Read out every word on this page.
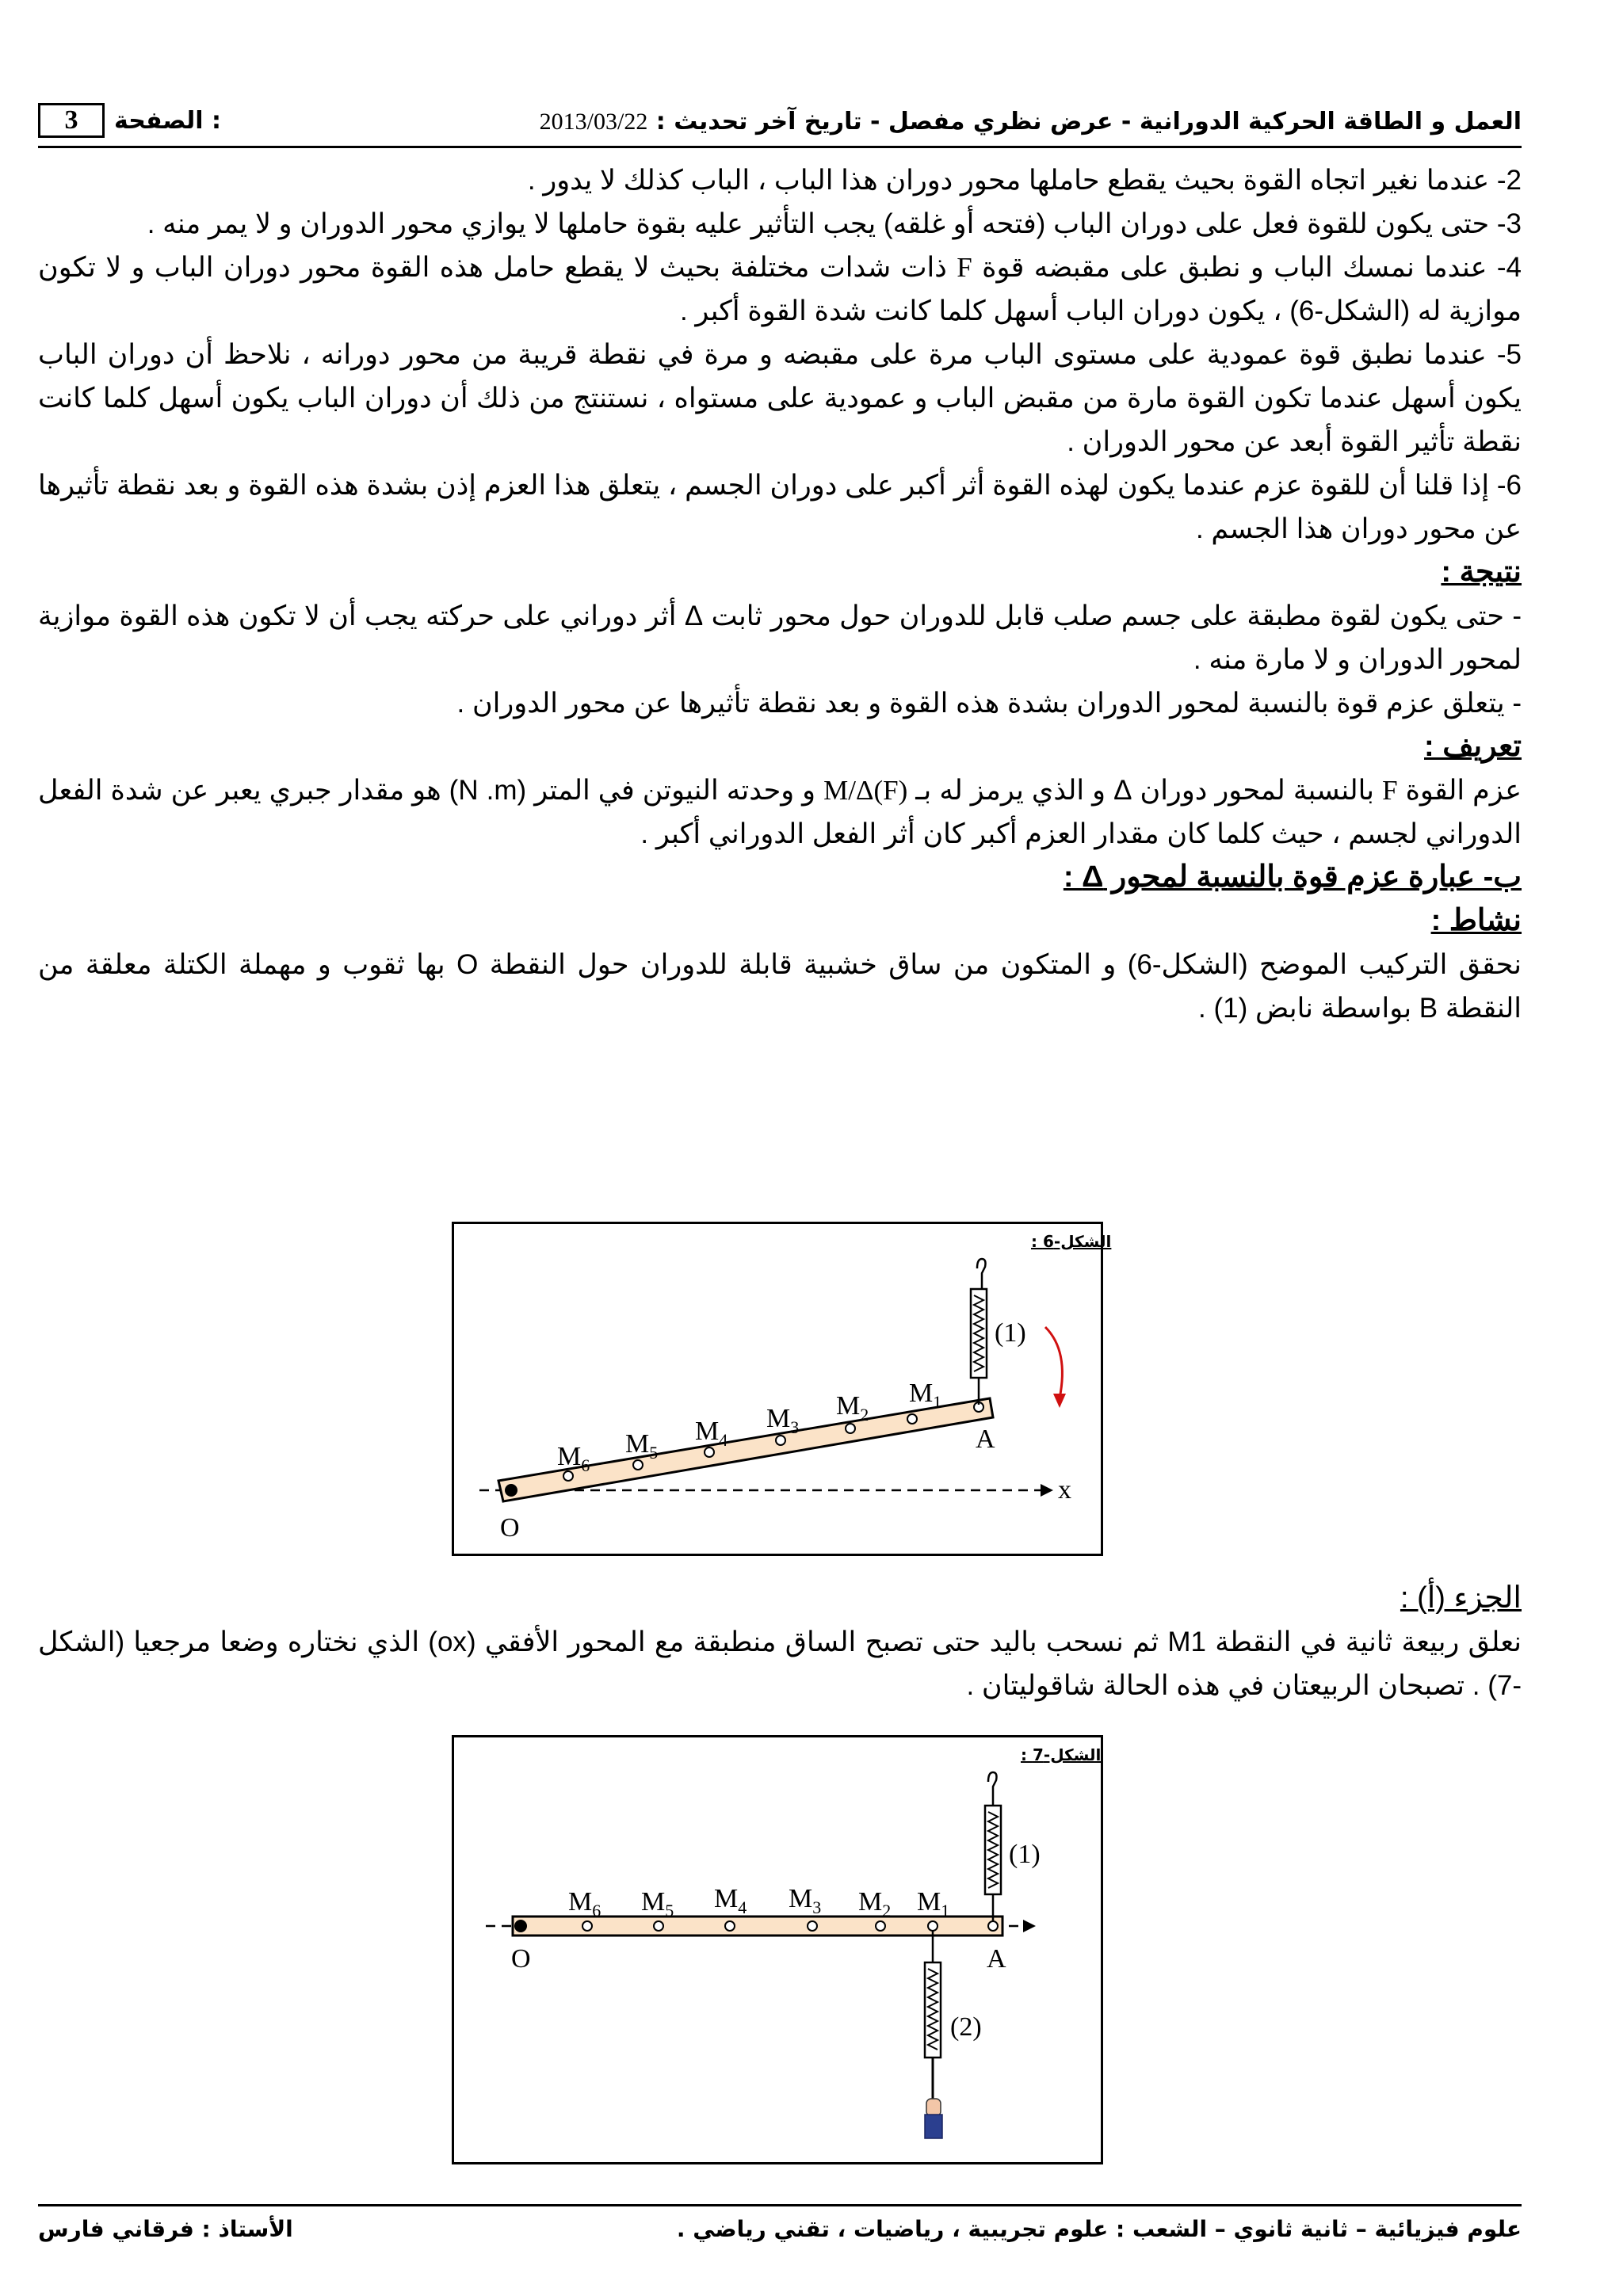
العمل و الطاقة الحركية الدورانية - عرض نظري مفصل - تاريخ آخر تحديث : 2013/03/22
3	الصفحة :

2- عندما نغير اتجاه القوة بحيث يقطع حاملها محور دوران هذا الباب ، الباب كذلك لا يدور .

3- حتى يكون للقوة فعل على دوران الباب (فتحه أو غلقه) يجب التأثير عليه بقوة حاملها لا يوازي محور الدوران و لا يمر منه .

4- عندما نمسك الباب و نطبق على مقبضه قوة F ذات شدات مختلفة بحيث لا يقطع حامل هذه القوة محور دوران الباب و لا تكون موازية له (الشكل-6) ، يكون دوران الباب أسهل كلما كانت شدة القوة أكبر .

5- عندما نطبق قوة عمودية على مستوى الباب مرة على مقبضه و مرة في نقطة قريبة من محور دورانه ، نلاحظ أن دوران الباب يكون أسهل عندما تكون القوة مارة من مقبض الباب و عمودية على مستواه ، نستنتج من ذلك أن دوران الباب يكون أسهل كلما كانت نقطة تأثير القوة أبعد عن محور الدوران .

6- إذا قلنا أن للقوة عزم عندما يكون لهذه القوة أثر أكبر على دوران الجسم ، يتعلق هذا العزم إذن بشدة هذه القوة و بعد نقطة تأثيرها عن محور دوران هذا الجسم .

نتيجة :

- حتى يكون لقوة مطبقة على جسم صلب قابل للدوران حول محور ثابت Δ أثر دوراني على حركته يجب أن لا تكون هذه القوة موازية لمحور الدوران و لا مارة منه .

- يتعلق عزم قوة بالنسبة لمحور الدوران بشدة هذه القوة و بعد نقطة تأثيرها عن محور الدوران .

تعريف :

عزم القوة F بالنسبة لمحور دوران Δ و الذي يرمز له بـ M/Δ(F) و وحدته النيوتن في المتر (N .m) هو مقدار جبري يعبر عن شدة الفعل الدوراني لجسم ، حيث كلما كان مقدار العزم أكبر كان أثر الفعل الدوراني أكبر .

ب- عبارة عزم قوة بالنسبة لمحور Δ :

نشاط :

نحقق التركيب الموضح (الشكل-6) و المتكون من ساق خشبية قابلة للدوران حول النقطة O بها ثقوب و مهملة الكتلة معلقة من النقطة B بواسطة نابض (1) .

الجزء (أ) :

نعلق ربيعة ثانية في النقطة M1 ثم نسحب باليد حتى تصبح الساق منطبقة مع المحور الأفقي (ox) الذي نختاره وضعا مرجعيا (الشكل -7) . تصبحان الربيعتان في هذه الحالة شاقوليتان .

الشكل-6 :
x
(1)
A
O
$M_1$
$M_2$
$M_3$
$M_4$
$M_5$
$M_6$
الشكل-7 :
(1)
(2)
A
O
$M_1$
$M_2$
$M_3$
$M_4$
$M_5$
$M_6$
علوم فيزيائية – ثانية ثانوي – الشعب : علوم تجريبية ، رياضيات ، تقني رياضي .
الأستاذ : فرقاني فارس
